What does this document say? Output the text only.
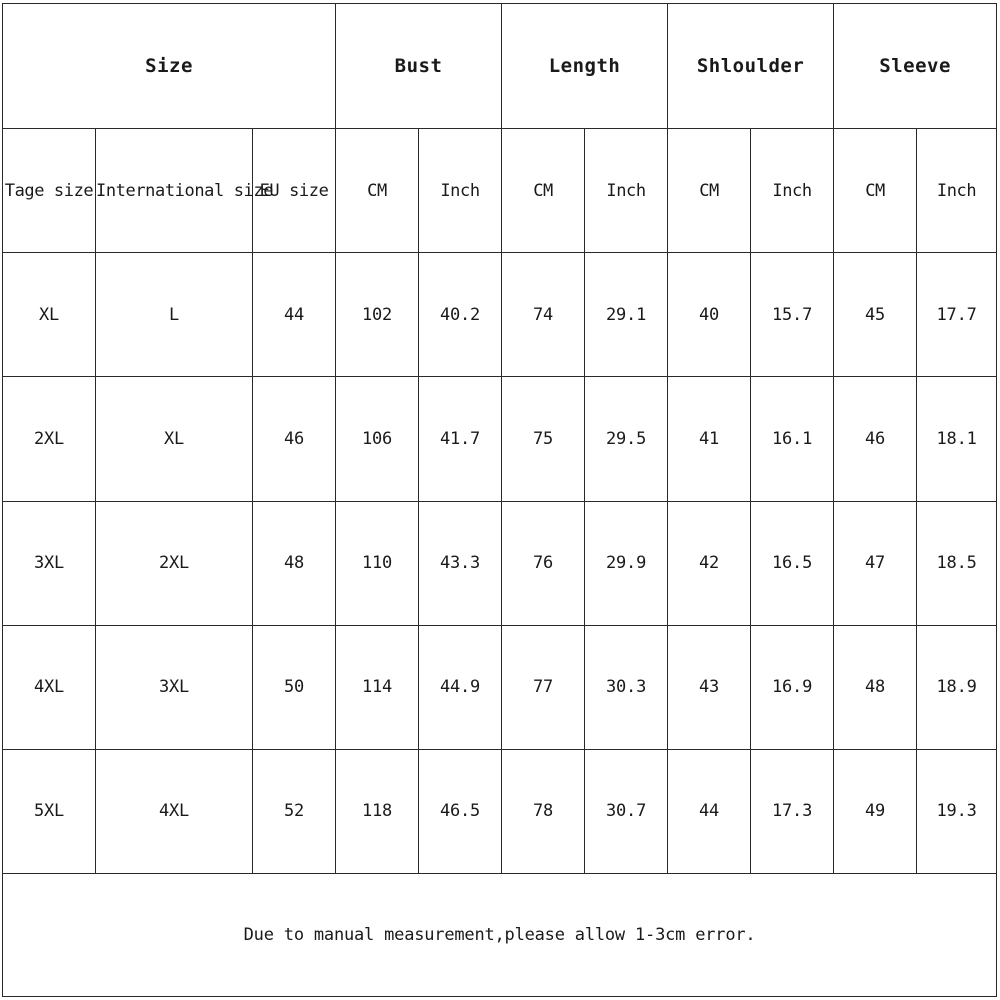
Size			Bust		Length		Shloulder		Sleeve	
Tage size	International size	EU size	CM	Inch	CM	Inch	CM	Inch	CM	Inch
XL	L	44	102	40.2	74	29.1	40	15.7	45	17.7
2XL	XL	46	106	41.7	75	29.5	41	16.1	46	18.1
3XL	2XL	48	110	43.3	76	29.9	42	16.5	47	18.5
4XL	3XL	50	114	44.9	77	30.3	43	16.9	48	18.9
5XL	4XL	52	118	46.5	78	30.7	44	17.3	49	19.3
Due to manual measurement,please allow 1-3cm error.										
